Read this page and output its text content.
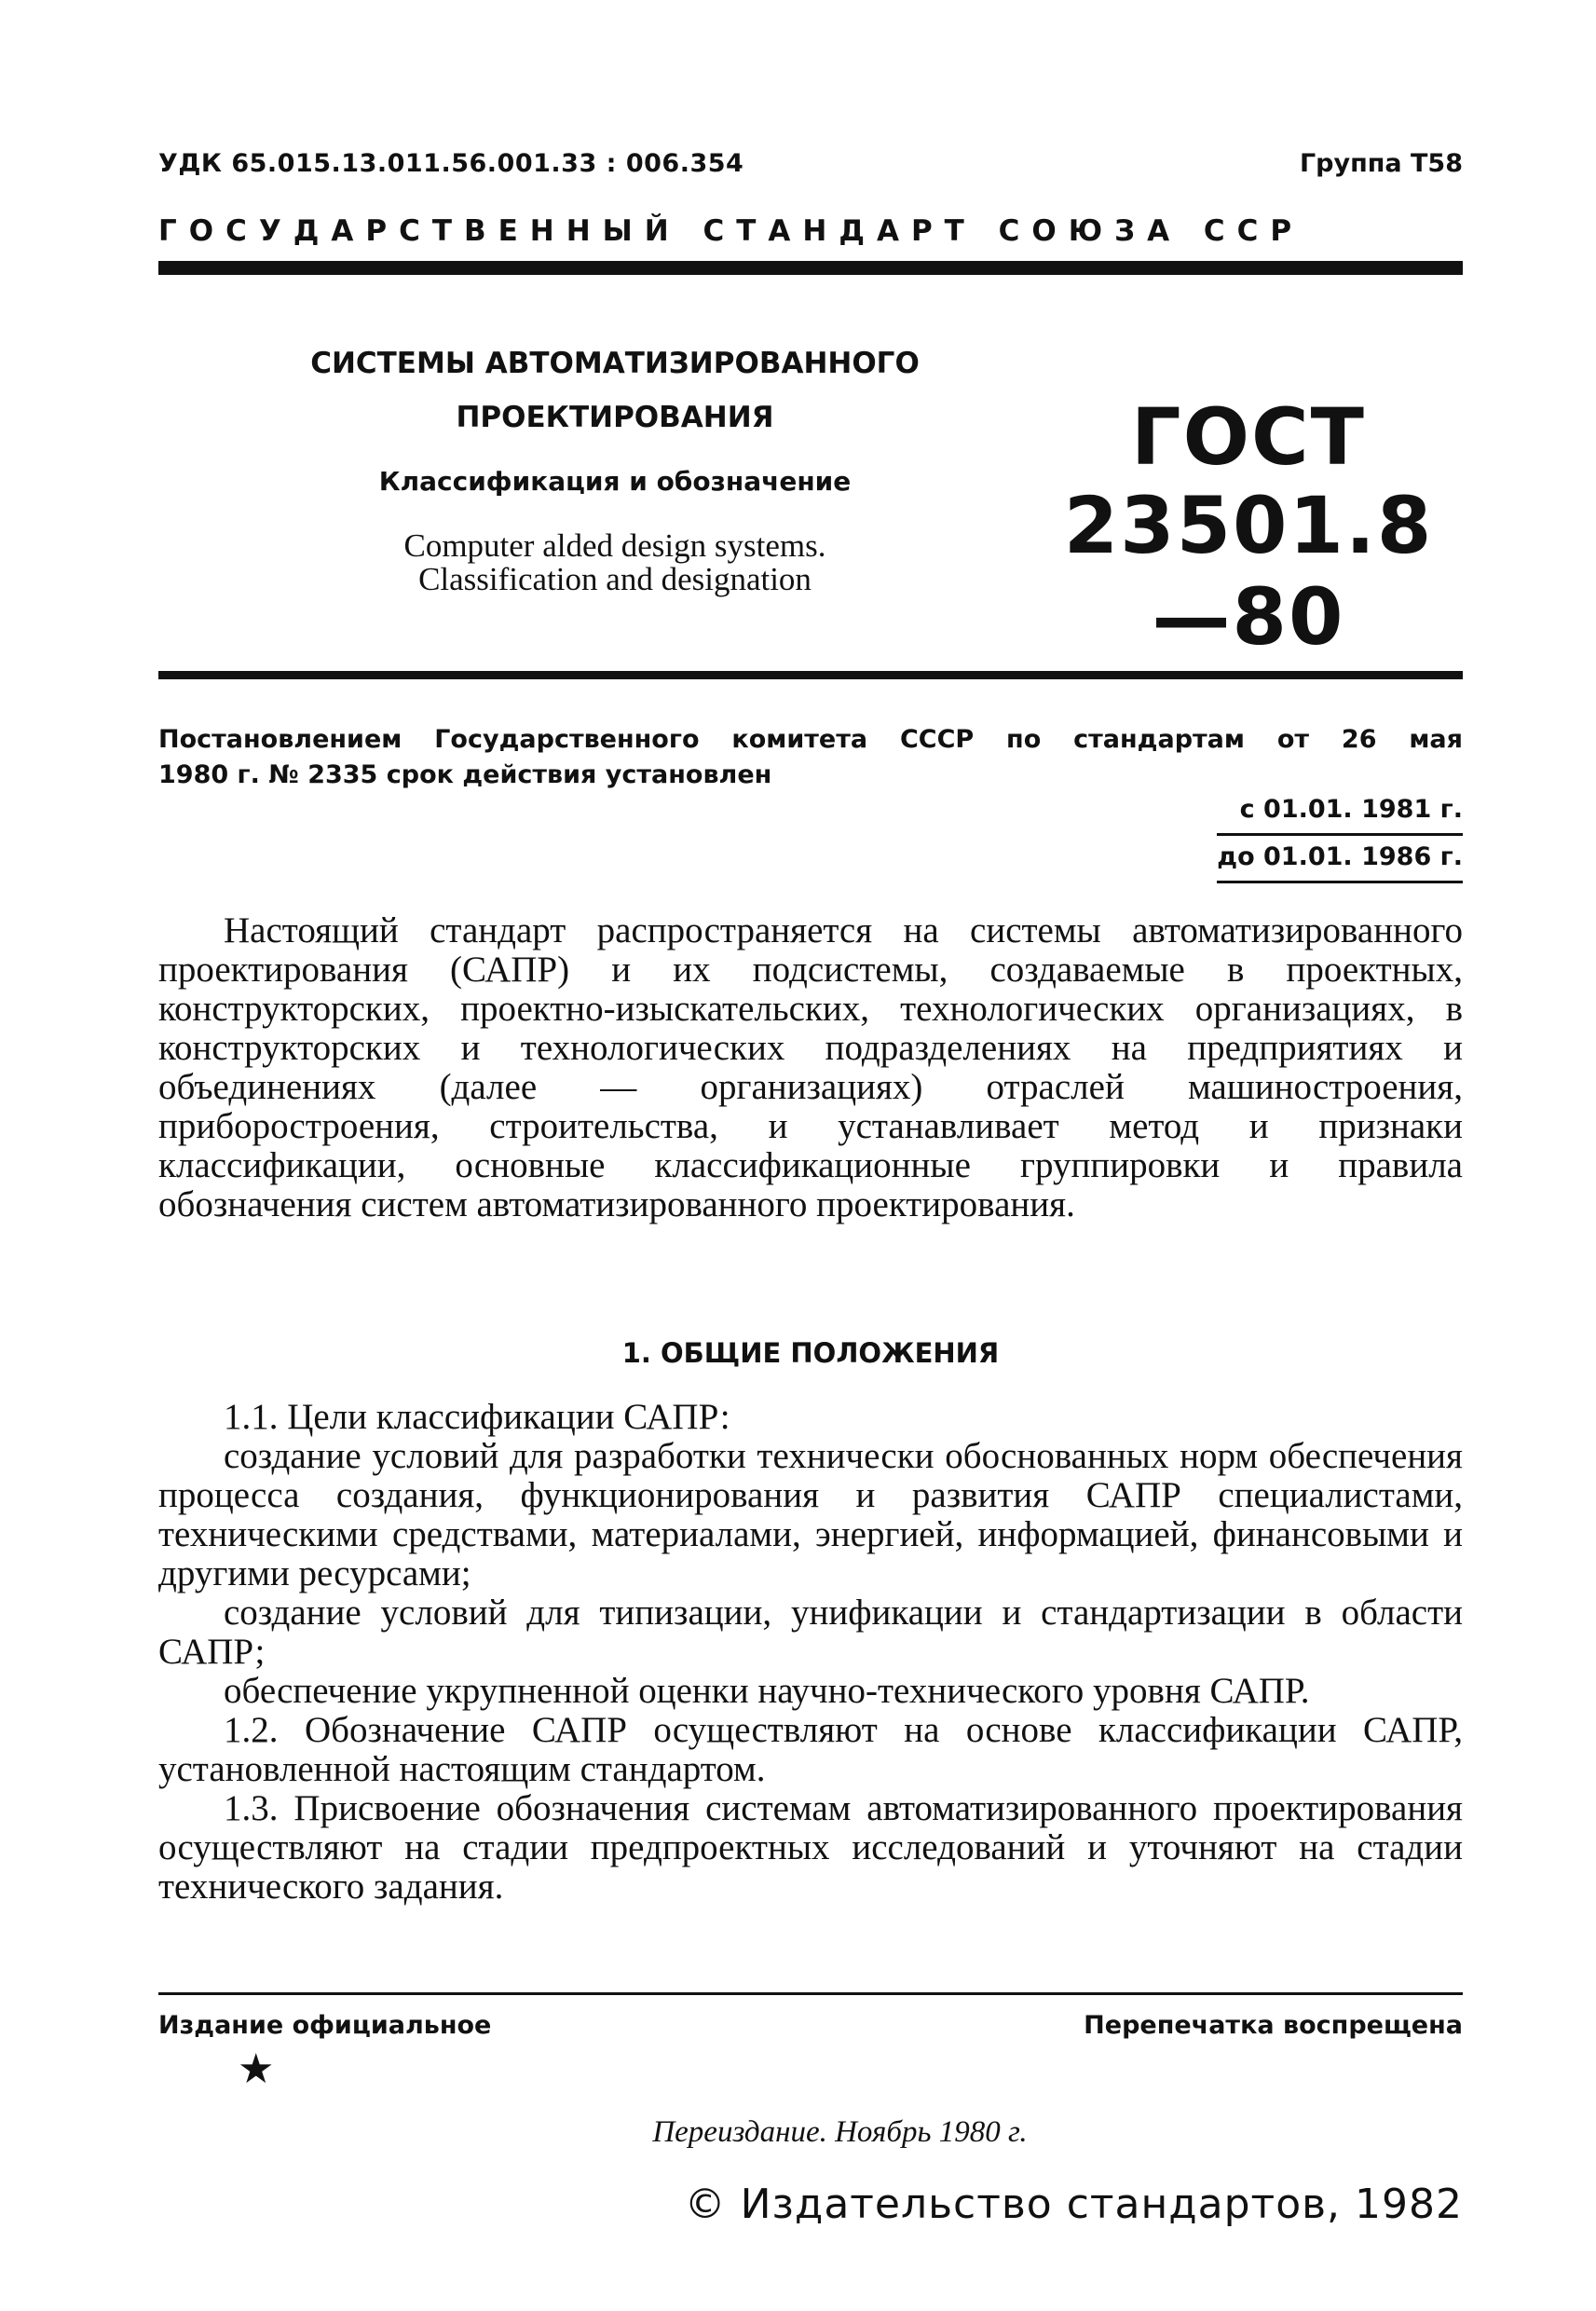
УДК 65.015.13.011.56.001.33 : 006.354	Группа Т58
ГОСУДАРСТВЕННЫЙ СТАНДАРТ СОЮЗА ССР
СИСТЕМЫ АВТОМАТИЗИРОВАННОГО
ПРОЕКТИРОВАНИЯ
Классификация и обозначение
Computer alded design systems.
Classification and designation
ГОСТ
23501.8—80
Постановлением Государственного комитета СССР по стандартам от 26 мая
1980 г. № 2335 срок действия установлен
с 01.01. 1981 г.
до 01.01. 1986 г.

Настоящий стандарт распространяется на системы автоматизированного проектирования (САПР) и их подсистемы, создаваемые в проектных, конструкторских, проектно-изыскательских, технологических организациях, в конструкторских и технологических подразделениях на предприятиях и объединениях (далее — организациях) отраслей машиностроения, приборостроения, строительства, и устанавливает метод и признаки классификации, основные классификационные группировки и правила обозначения систем автоматизированного проектирования.

1. ОБЩИЕ ПОЛОЖЕНИЯ

1.1. Цели классификации САПР:

создание условий для разработки технически обоснованных норм обеспечения процесса создания, функционирования и развития САПР специалистами, техническими средствами, материалами, энергией, информацией, финансовыми и другими ресурсами;

создание условий для типизации, унификации и стандартизации в области САПР;

обеспечение укрупненной оценки научно-технического уровня САПР.

1.2. Обозначение САПР осуществляют на основе классификации САПР, установленной настоящим стандартом.

1.3. Присвоение обозначения системам автоматизированного проектирования осуществляют на стадии предпроектных исследований и уточняют на стадии технического задания.

Издание официальное	Перепечатка воспрещена
★
Переиздание. Ноябрь 1980 г.
© Издательство стандартов, 1982
